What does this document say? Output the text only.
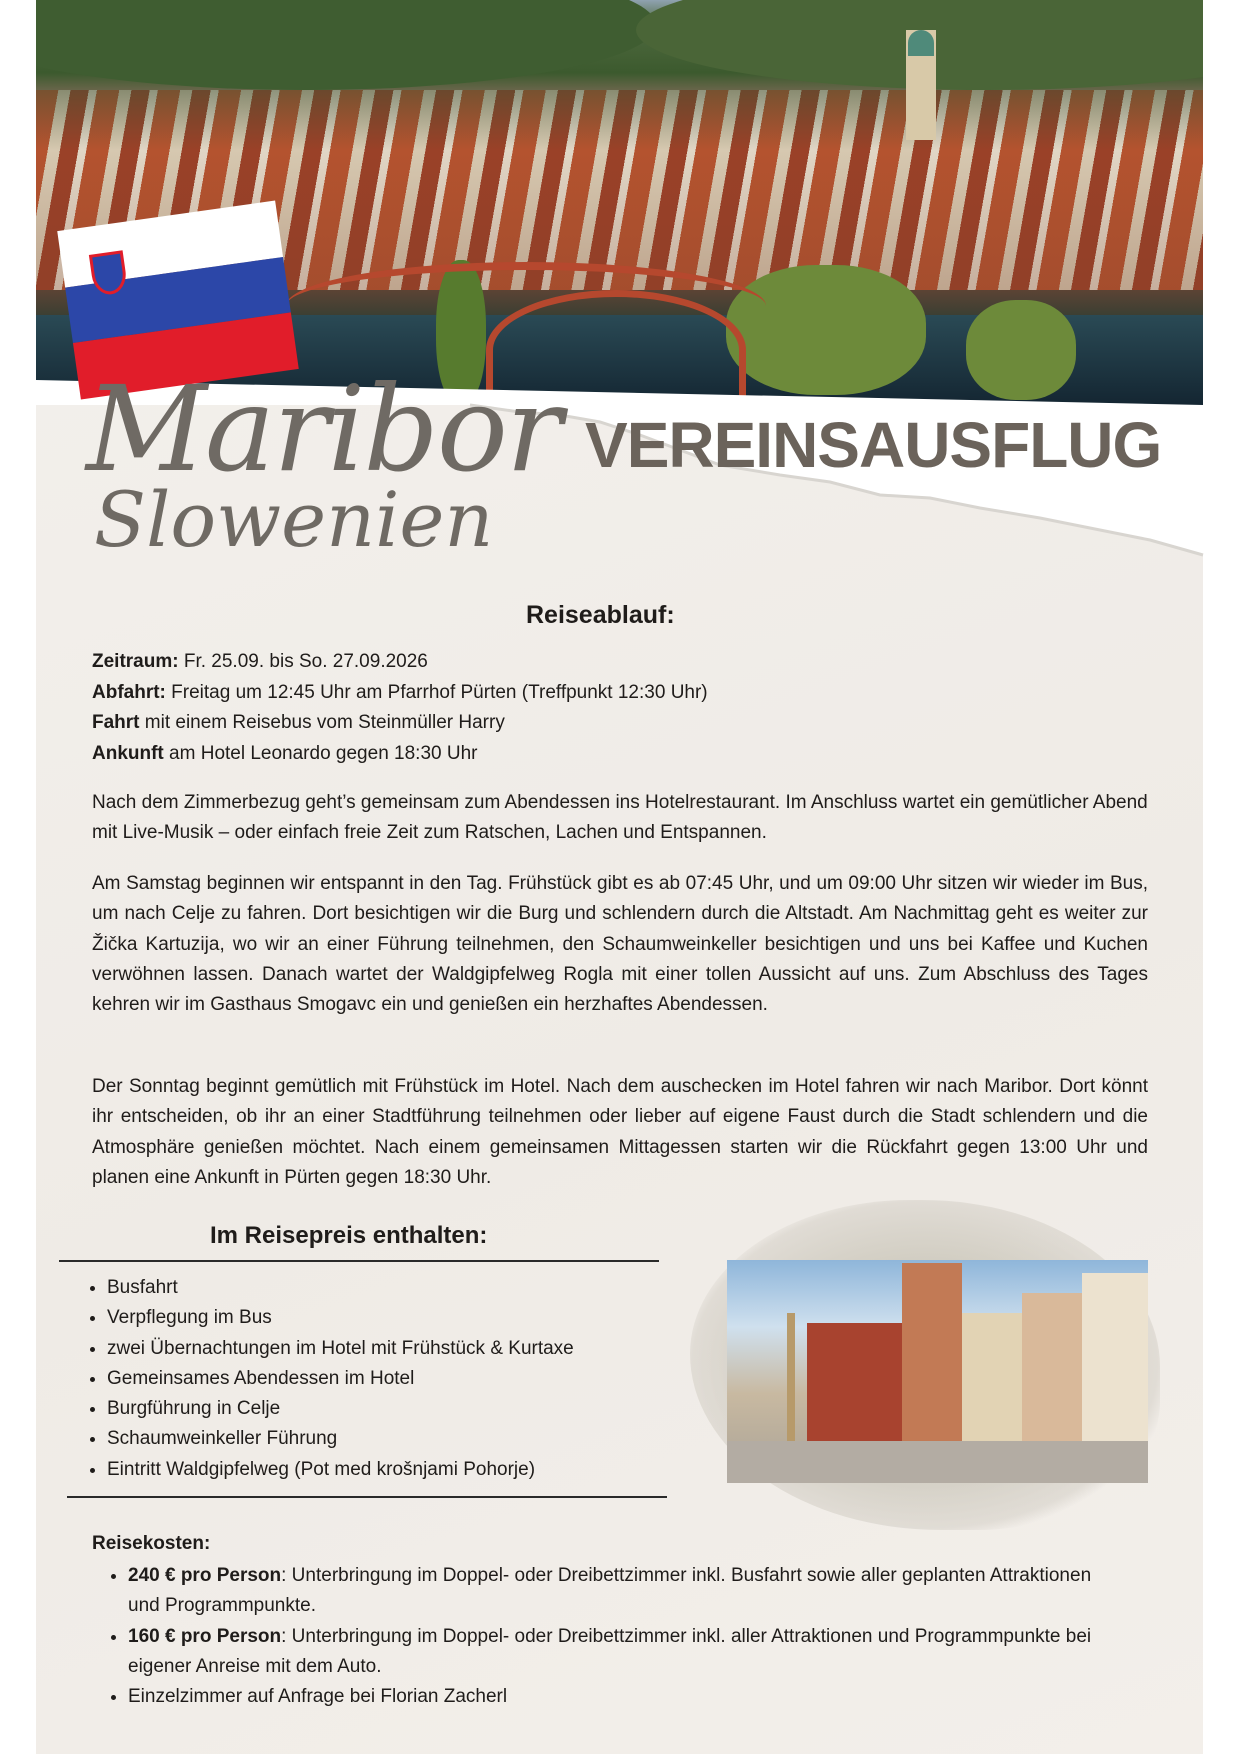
Maribor
Slowenien
VEREINSAUSFLUG
Reiseablauf:
Zeitraum: Fr. 25.09. bis So. 27.09.2026
Abfahrt: Freitag um 12:45 Uhr am Pfarrhof Pürten (Treffpunkt 12:30 Uhr)
Fahrt mit einem Reisebus vom Steinmüller Harry
Ankunft am Hotel Leonardo gegen 18:30 Uhr

Nach dem Zimmerbezug geht’s gemeinsam zum Abendessen ins Hotelrestaurant. Im Anschluss wartet ein gemütlicher Abend mit Live-Musik – oder einfach freie Zeit zum Ratschen, Lachen und Entspannen.

Am Samstag beginnen wir entspannt in den Tag. Frühstück gibt es ab 07:45 Uhr, und um 09:00 Uhr sitzen wir wieder im Bus, um nach Celje zu fahren. Dort besichtigen wir die Burg und schlendern durch die Altstadt. Am Nachmittag geht es weiter zur Žička Kartuzija, wo wir an einer Führung teilnehmen, den Schaumweinkeller besichtigen und uns bei Kaffee und Kuchen verwöhnen lassen. Danach wartet der Waldgipfelweg Rogla mit einer tollen Aussicht auf uns. Zum Abschluss des Tages kehren wir im Gasthaus Smogavc ein und genießen ein herzhaftes Abendessen.

Der Sonntag beginnt gemütlich mit Frühstück im Hotel. Nach dem auschecken im Hotel fahren wir nach Maribor. Dort könnt ihr entscheiden, ob ihr an einer Stadtführung teilnehmen oder lieber auf eigene Faust durch die Stadt schlendern und die Atmosphäre genießen möchtet. Nach einem gemeinsamen Mittagessen starten wir die Rückfahrt gegen 13:00 Uhr und planen eine Ankunft in Pürten gegen 18:30 Uhr.

Im Reisepreis enthalten:
• Busfahrt
• Verpflegung im Bus
• zwei Übernachtungen im Hotel mit Frühstück & Kurtaxe
• Gemeinsames Abendessen im Hotel
• Burgführung in Celje
• Schaumweinkeller Führung
• Eintritt Waldgipfelweg (Pot med krošnjami Pohorje)
Reisekosten:
• 240 € pro Person: Unterbringung im Doppel- oder Dreibettzimmer inkl. Busfahrt sowie aller geplanten Attraktionen und Programmpunkte.
• 160 € pro Person: Unterbringung im Doppel- oder Dreibettzimmer inkl. aller Attraktionen und Programmpunkte bei eigener Anreise mit dem Auto.
• Einzelzimmer auf Anfrage bei Florian Zacherl
